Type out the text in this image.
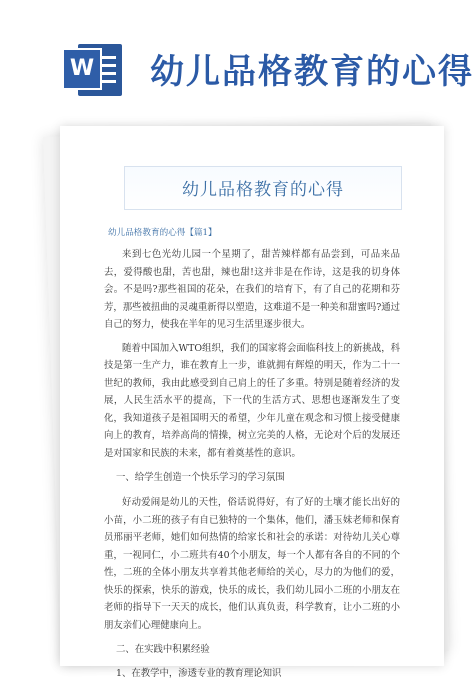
W 幼儿品格教育的心得
幼儿品格教育的心得
幼儿品格教育的心得【篇1】

来到七色光幼儿园一个星期了，甜苦辣样都有品尝到，可品来品去，爱得酸也甜，苦也甜，辣也甜!这并非是在作诗，这是我的切身体会。不是吗?那些祖国的花朵，在我们的培育下，有了自己的花期和芬芳，那些被扭曲的灵魂重新得以塑造，这难道不是一种美和甜蜜吗?通过自己的努力，使我在半年的见习生活里逐步很大。

随着中国加入WTO组织，我们的国家将会面临科技上的新挑战，科技是第一生产力，谁在教育上一步，谁就拥有辉煌的明天，作为二十一世纪的教师，我由此感受到自己肩上的任了多重。特别是随着经济的发展，人民生活水平的提高，下一代的生活方式、思想也逐渐发生了变化，我知道孩子是祖国明天的希望，少年儿童在观念和习惯上接受健康向上的教育，培养高尚的情操，树立完美的人格，无论对个后的发展还是对国家和民族的未来，都有着奠基性的意识。

一、给学生创造一个快乐学习的学习氛围

好动爱闹是幼儿的天性，俗话说得好，有了好的土壤才能长出好的小苗，小二班的孩子有自已独特的一个集体，他们，潘玉妹老师和保育员邢丽平老师，她们如何热情的给家长和社会的承诺：对待幼儿关心尊重，一视同仁，小二班共有40个小朋友，每一个人都有各自的不同的个性，二班的全体小朋友共享着其他老师给的关心，尽力的为他们的爱，快乐的探索，快乐的游戏，快乐的成长，我们幼儿园小二班的小朋友在老师的指导下一天天的成长，他们认真负责，科学教育，让小二班的小朋友亲们心理健康向上。

二、在实践中积累经验
1、在教学中，渗透专业的教育理论知识
